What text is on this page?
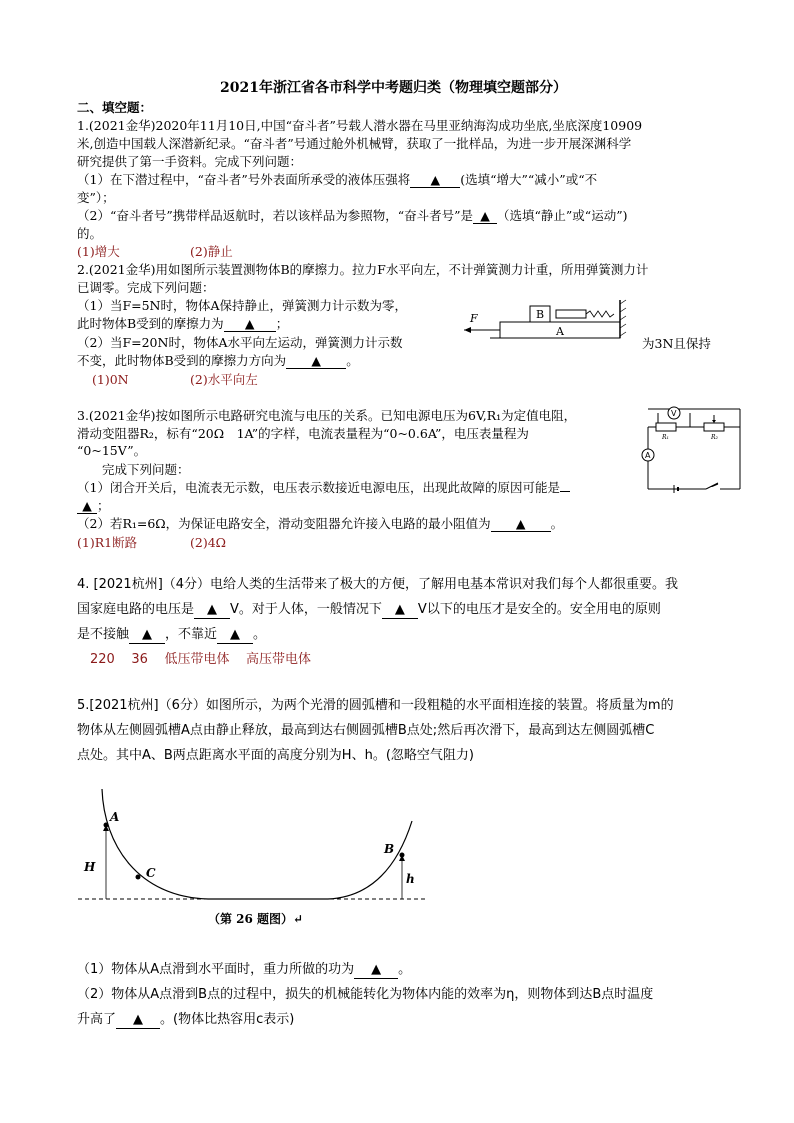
2021年浙江省各市科学中考题归类（物理填空题部分）
二、填空题：
1.(2021金华)2020年11月10日,中国“奋斗者”号载人潜水器在马里亚纳海沟成功坐底,坐底深度10909
米,创造中国载人深潜新纪录。“奋斗者”号通过舱外机械臂，获取了一批样品，为进一步开展深渊科学
研究提供了第一手资料。完成下列问题：
（1）在下潜过程中，“奋斗者”号外表面所承受的液体压强将 ▲ (选填“增大”“减小”或“不
变”）；
（2）“奋斗者号”携带样品返航时，若以该样品为参照物，“奋斗者号”是 ▲ （选填“静止”或“运动”)
的。
(1)增大	(2)静止
2.(2021金华)用如图所示装置测物体B的摩擦力。拉力F水平向左，不计弹簧测力计重，所用弹簧测力计
已调零。完成下列问题：
（1）当F=5N时，物体A保持静止，弹簧测力计示数为零，
此时物体B受到的摩擦力为 ▲ ；
（2）当F=20N时，物体A水平向左运动，弹簧测力计示数	为3N且保持
不变，此时物体B受到的摩擦力方向为 ▲ 。
(1)0N	(2)水平向左
F	B
A
3.(2021金华)按如图所示电路研究电流与电压的关系。已知电源电压为6V,R₁为定值电阻，
滑动变阻器R₂，标有“20Ω　1A”的字样，电流表量程为“0~0.6A”，电压表量程为
“0~15V”。
完成下列问题：
（1）闭合开关后，电流表无示数，电压表示数接近电源电压，出现此故障的原因可能是
▲ ；
（2）若R₁=6Ω，为保证电路安全，滑动变阻器允许接入电路的最小阻值为 ▲ 。
(1)R1断路	(2)4Ω
V
R₁	R₂
A
4. [2021杭州]（4分）电给人类的生活带来了极大的方便，了解用电基本常识对我们每个人都很重要。我
国家庭电路的电压是 ▲ V。对于人体，一般情况下 ▲ V以下的电压才是安全的。安全用电的原则
是不接触 ▲ ，不靠近 ▲ 。
220 36 低压带电体 高压带电体
5.[2021杭州]（6分）如图所示，为两个光滑的圆弧槽和一段粗糙的水平面相连接的装置。将质量为m的
物体从左侧圆弧槽A点由静止释放，最高到达右侧圆弧槽B点处;然后再次滑下，最高到达左侧圆弧槽C
点处。其中A、B两点距离水平面的高度分别为H、h。(忽略空气阻力)
A
C
B
H
h
（第 26 题图）↵
（1）物体从A点滑到水平面时，重力所做的功为 ▲ 。
（2）物体从A点滑到B点的过程中，损失的机械能转化为物体内能的效率为η，则物体到达B点时温度
升高了 ▲ 。(物体比热容用c表示)
